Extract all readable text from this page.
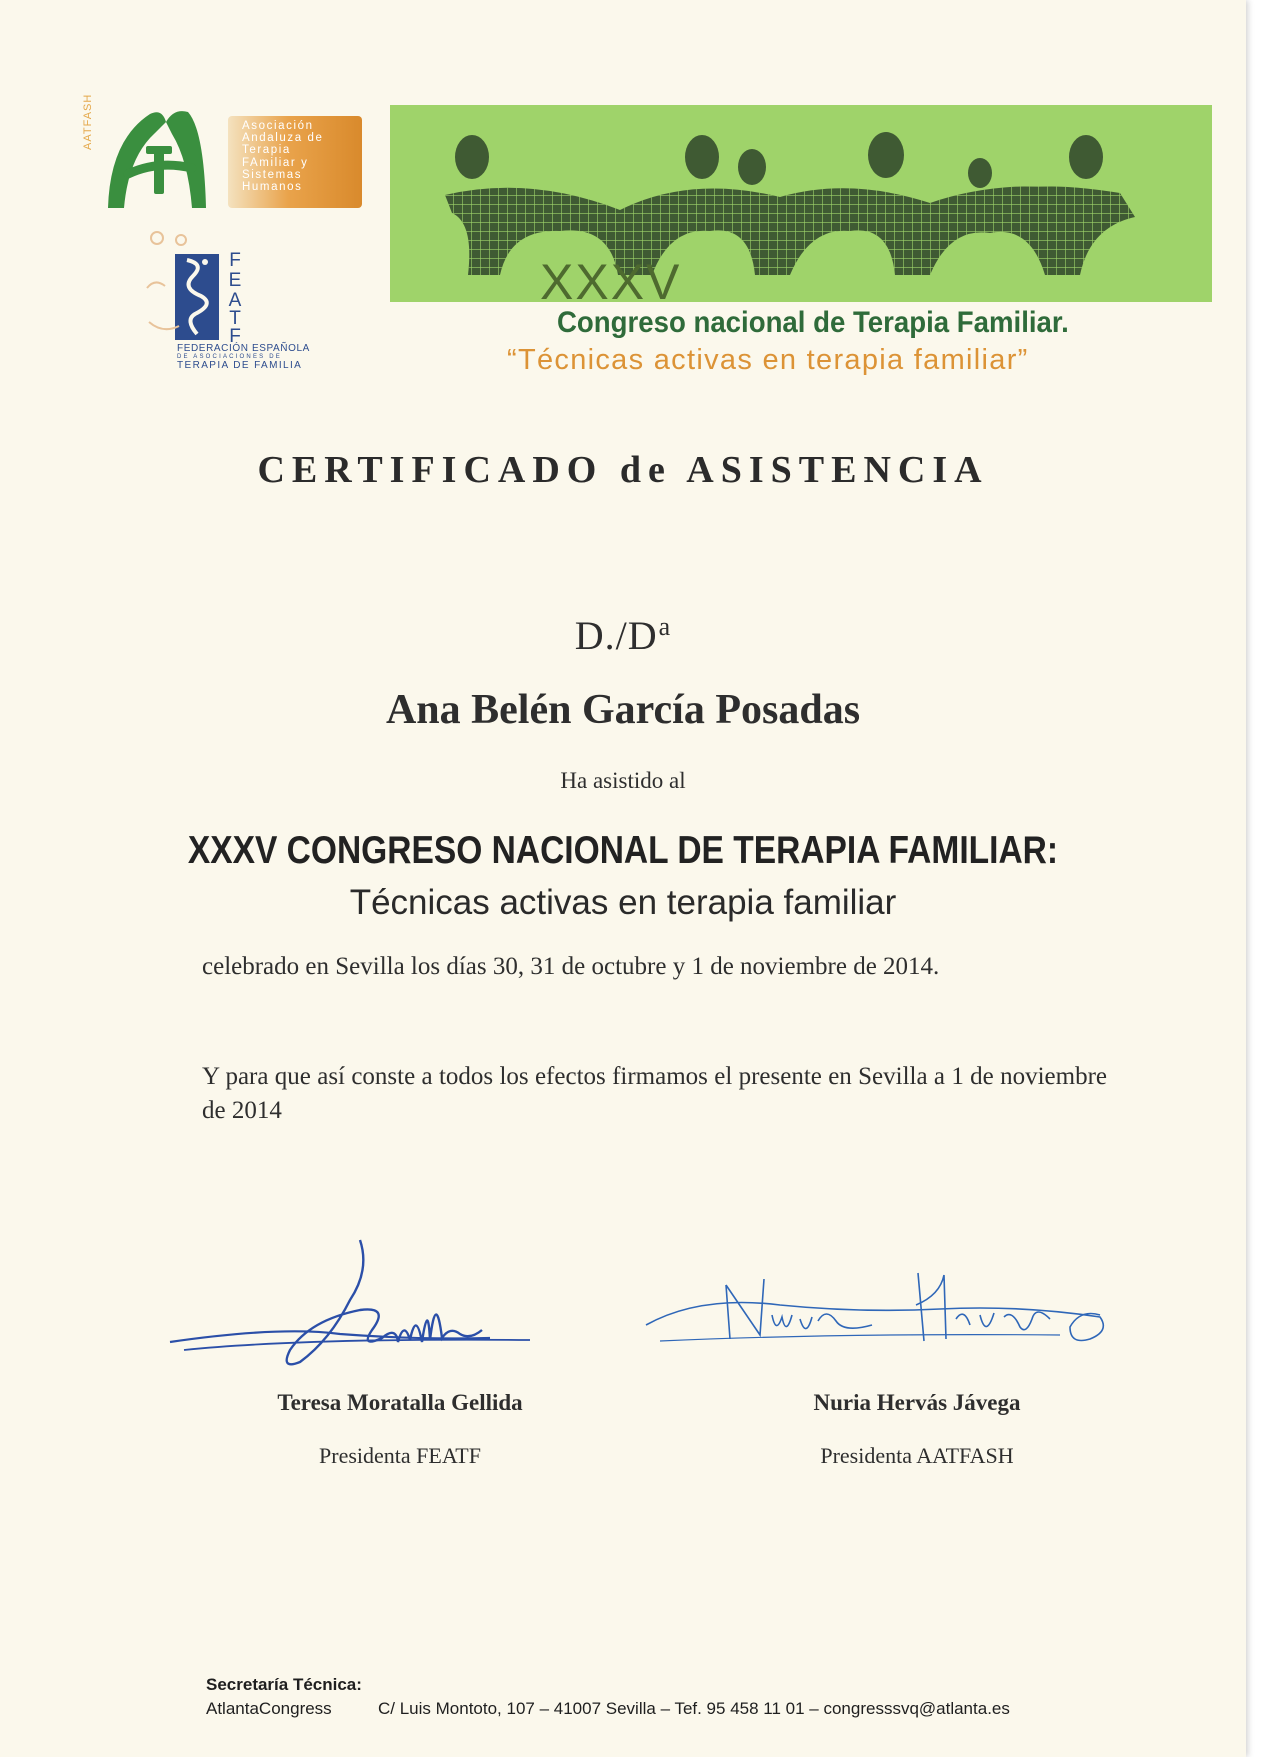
AATFASH	Asociación
Andaluza de
Terapia
FAmiliar y
Sistemas
Humanos
F
E
A
T
F
FEDERACIÓN ESPAÑOLA
DE ASOCIACIONES DE
TERAPIA DE FAMILIA
XXXV
Congreso nacional de Terapia Familiar.
“Técnicas activas en terapia familiar”
CERTIFICADO de ASISTENCIA
$D./D^a$
Ana Belén García Posadas
Ha asistido al
XXXV CONGRESO NACIONAL DE TERAPIA FAMILIAR:
Técnicas activas en terapia familiar
celebrado en Sevilla los días 30, 31 de octubre y 1 de noviembre de 2014.
Y para que así conste a todos los efectos firmamos el presente en Sevilla a 1 de noviembre de 2014
Teresa Moratalla Gellida
Presidenta FEATF
Nuria Hervás Jávega
Presidenta AATFASH
Secretaría Técnica:
AtlantaCongress	C/ Luis Montoto, 107 – 41007 Sevilla – Tef. 95 458 11 01 – congresssvq@atlanta.es
